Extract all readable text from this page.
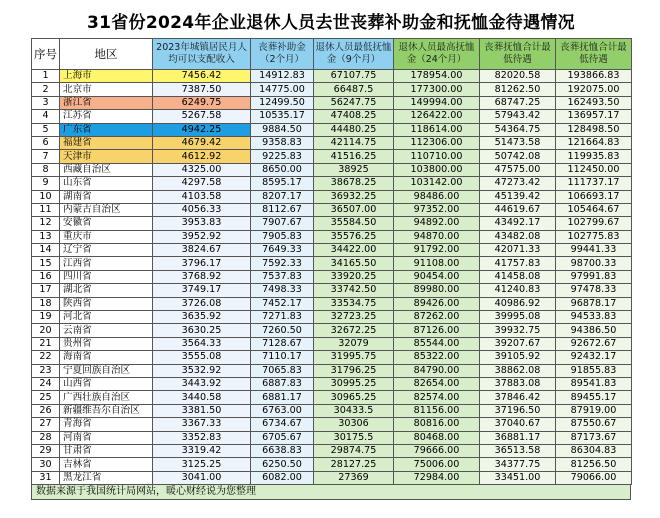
31省份2024年企业退休人员去世丧葬补助金和抚恤金待遇情况
序号	地区	2023年城镇居民月人均可以支配收入	丧葬补助金（2个月）	退休人员最低抚恤金（9个月）	退休人员最高抚恤金（24个月）	丧葬抚恤合计最低待遇	丧葬抚恤合计最低待遇
1	上海市	7456.42	14912.83	67107.75	178954.00	82020.58	193866.83
2	北京市	7387.50	14775.00	66487.5	177300.00	81262.50	192075.00
3	浙江省	6249.75	12499.50	56247.75	149994.00	68747.25	162493.50
4	江苏省	5267.58	10535.17	47408.25	126422.00	57943.42	136957.17
5	广东省	4942.25	9884.50	44480.25	118614.00	54364.75	128498.50
6	福建省	4679.42	9358.83	42114.75	112306.00	51473.58	121664.83
7	天津市	4612.92	9225.83	41516.25	110710.00	50742.08	119935.83
8	西藏自治区	4325.00	8650.00	38925	103800.00	47575.00	112450.00
9	山东省	4297.58	8595.17	38678.25	103142.00	47273.42	111737.17
10	湖南省	4103.58	8207.17	36932.25	98486.00	45139.42	106693.17
11	内蒙古自治区	4056.33	8112.67	36507.00	97352.00	44619.67	105464.67
12	安徽省	3953.83	7907.67	35584.50	94892.00	43492.17	102799.67
13	重庆市	3952.92	7905.83	35576.25	94870.00	43482.08	102775.83
14	辽宁省	3824.67	7649.33	34422.00	91792.00	42071.33	99441.33
15	江西省	3796.17	7592.33	34165.50	91108.00	41757.83	98700.33
16	四川省	3768.92	7537.83	33920.25	90454.00	41458.08	97991.83
17	湖北省	3749.17	7498.33	33742.50	89980.00	41240.83	97478.33
18	陕西省	3726.08	7452.17	33534.75	89426.00	40986.92	96878.17
19	河北省	3635.92	7271.83	32723.25	87262.00	39995.08	94533.83
20	云南省	3630.25	7260.50	32672.25	87126.00	39932.75	94386.50
21	贵州省	3564.33	7128.67	32079	85544.00	39207.67	92672.67
22	海南省	3555.08	7110.17	31995.75	85322.00	39105.92	92432.17
23	宁夏回族自治区	3532.92	7065.83	31796.25	84790.00	38862.08	91855.83
24	山西省	3443.92	6887.83	30995.25	82654.00	37883.08	89541.83
25	广西壮族自治区	3440.58	6881.17	30965.25	82574.00	37846.42	89455.17
26	新疆维吾尔自治区	3381.50	6763.00	30433.5	81156.00	37196.50	87919.00
27	青海省	3367.33	6734.67	30306	80816.00	37040.67	87550.67
28	河南省	3352.83	6705.67	30175.5	80468.00	36881.17	87173.67
29	甘肃省	3319.42	6638.83	29874.75	79666.00	36513.58	86304.83
30	吉林省	3125.25	6250.50	28127.25	75006.00	34377.75	81256.50
31	黑龙江省	3041.00	6082.00	27369	72984.00	33451.00	79066.00
数据来源于我国统计局网站，暖心财经说为您整理
